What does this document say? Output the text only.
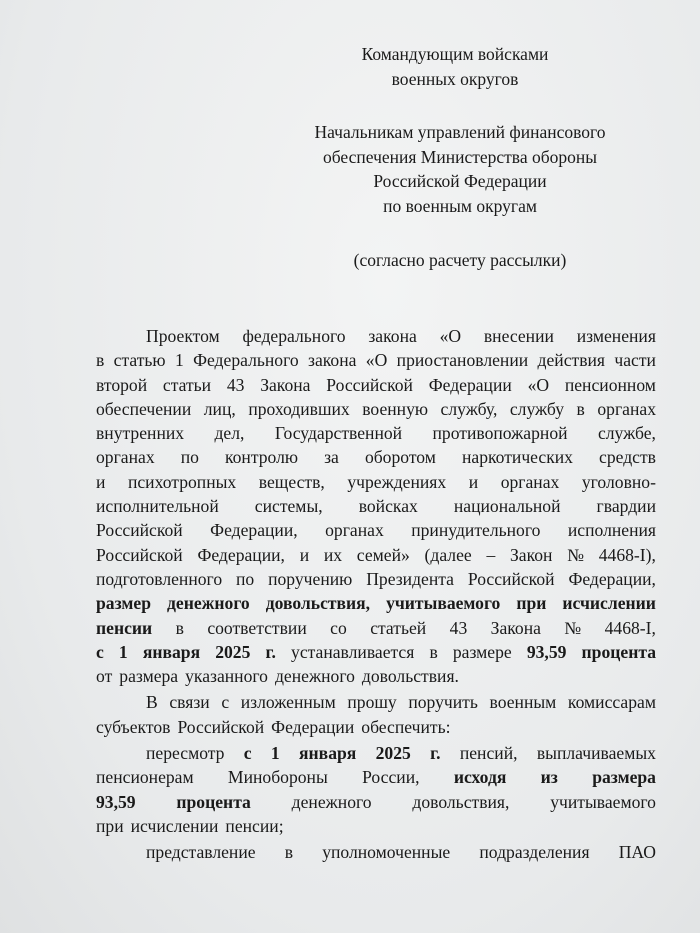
Командующим войсками
военных округов
Начальникам управлений финансового
обеспечения Министерства обороны
Российской Федерации
по военным округам
(согласно расчету рассылки)
Проектом федерального закона «О внесении изменения
в статью 1 Федерального закона «О приостановлении действия части
второй статьи 43 Закона Российской Федерации «О пенсионном
обеспечении лиц, проходивших военную службу, службу в органах
внутренних дел, Государственной противопожарной службе,
органах по контролю за оборотом наркотических средств
и психотропных веществ, учреждениях и органах уголовно-
исполнительной системы, войсках национальной гвардии
Российской Федерации, органах принудительного исполнения
Российской Федерации, и их семей» (далее – Закон № 4468-I),
подготовленного по поручению Президента Российской Федерации,
размер денежного довольствия, учитываемого при исчислении
пенсии в соответствии со статьей 43 Закона № 4468-I,
с 1 января 2025 г. устанавливается в размере 93,59 процента
от размера указанного денежного довольствия.
В связи с изложенным прошу поручить военным комиссарам
субъектов Российской Федерации обеспечить:
пересмотр с 1 января 2025 г. пенсий, выплачиваемых
пенсионерам Минобороны России, исходя из размера
93,59 процента денежного довольствия, учитываемого
при исчислении пенсии;
представление в уполномоченные подразделения ПАО
